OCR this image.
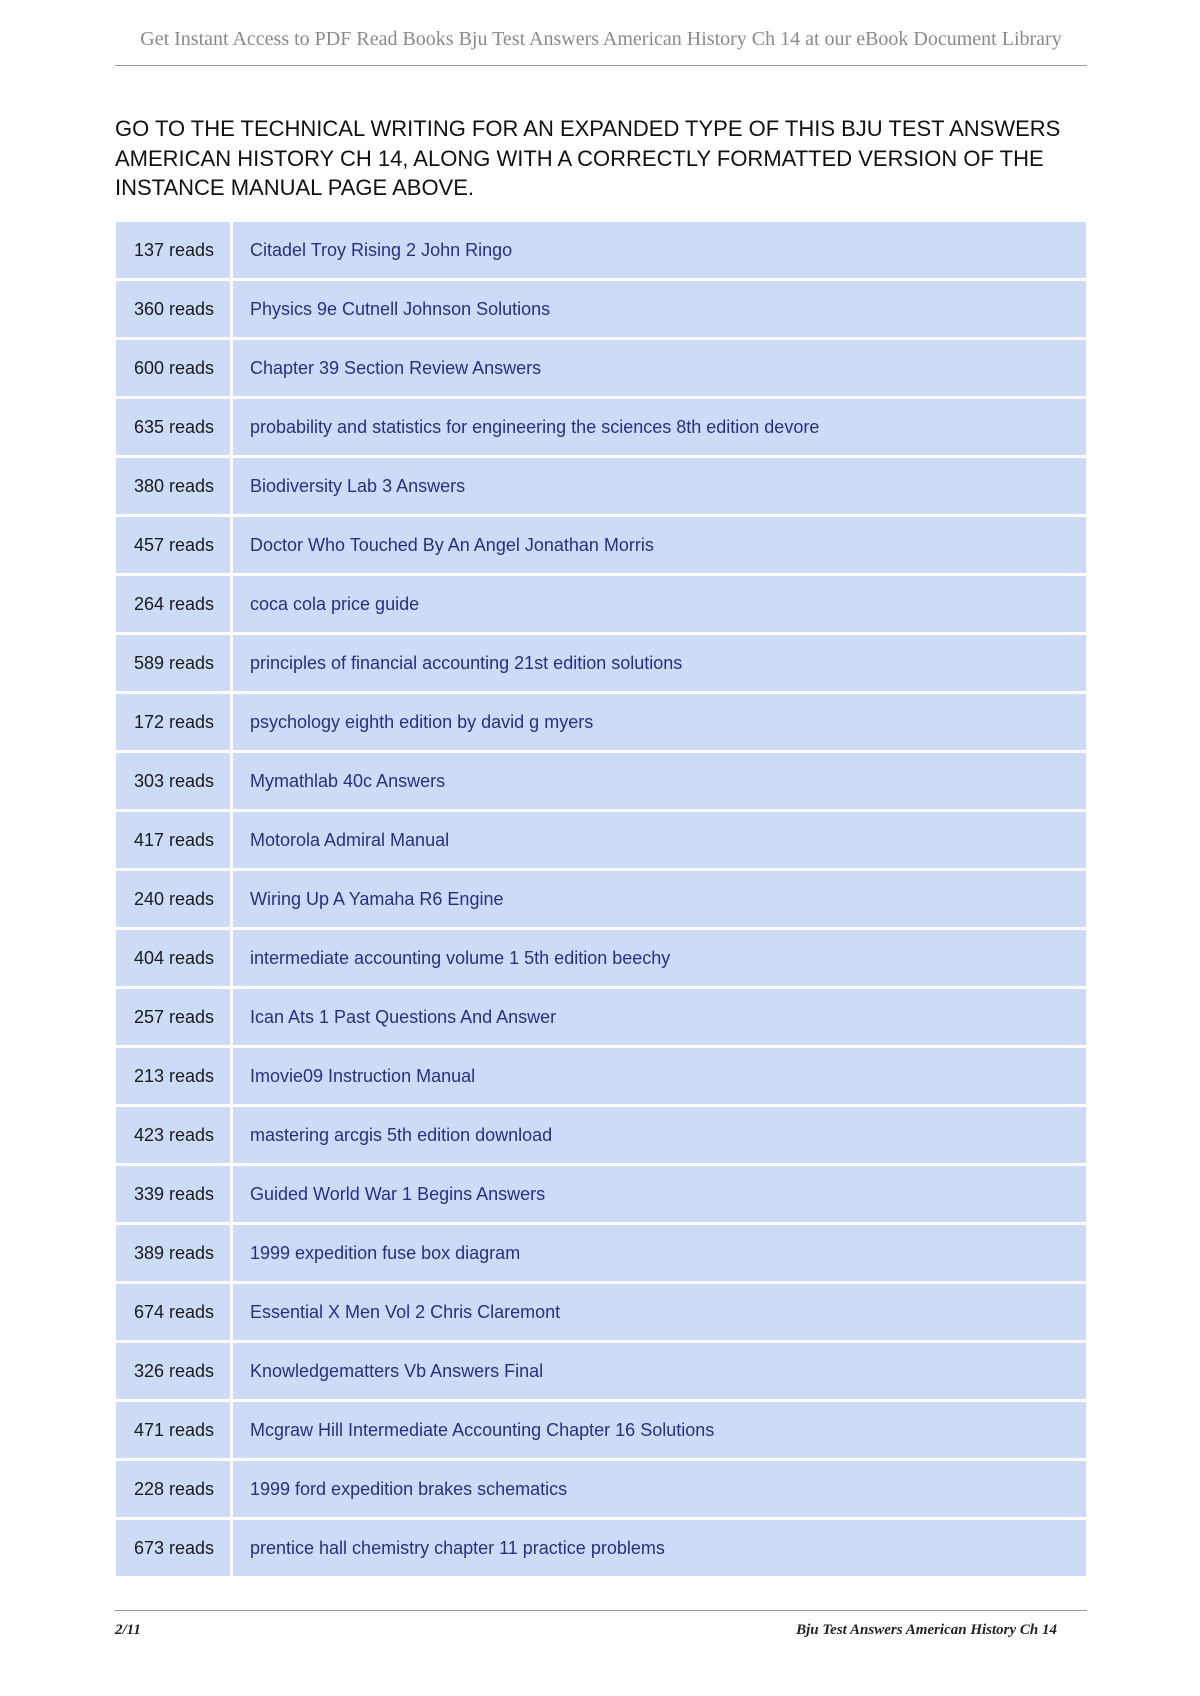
Get Instant Access to PDF Read Books Bju Test Answers American History Ch 14 at our eBook Document Library
GO TO THE TECHNICAL WRITING FOR AN EXPANDED TYPE OF THIS BJU TEST ANSWERS AMERICAN HISTORY CH 14, ALONG WITH A CORRECTLY FORMATTED VERSION OF THE INSTANCE MANUAL PAGE ABOVE.
137 reads	Citadel Troy Rising 2 John Ringo
360 reads	Physics 9e Cutnell Johnson Solutions
600 reads	Chapter 39 Section Review Answers
635 reads	probability and statistics for engineering the sciences 8th edition devore
380 reads	Biodiversity Lab 3 Answers
457 reads	Doctor Who Touched By An Angel Jonathan Morris
264 reads	coca cola price guide
589 reads	principles of financial accounting 21st edition solutions
172 reads	psychology eighth edition by david g myers
303 reads	Mymathlab 40c Answers
417 reads	Motorola Admiral Manual
240 reads	Wiring Up A Yamaha R6 Engine
404 reads	intermediate accounting volume 1 5th edition beechy
257 reads	Ican Ats 1 Past Questions And Answer
213 reads	Imovie09 Instruction Manual
423 reads	mastering arcgis 5th edition download
339 reads	Guided World War 1 Begins Answers
389 reads	1999 expedition fuse box diagram
674 reads	Essential X Men Vol 2 Chris Claremont
326 reads	Knowledgematters Vb Answers Final
471 reads	Mcgraw Hill Intermediate Accounting Chapter 16 Solutions
228 reads	1999 ford expedition brakes schematics
673 reads	prentice hall chemistry chapter 11 practice problems
2/11	Bju Test Answers American History Ch 14
